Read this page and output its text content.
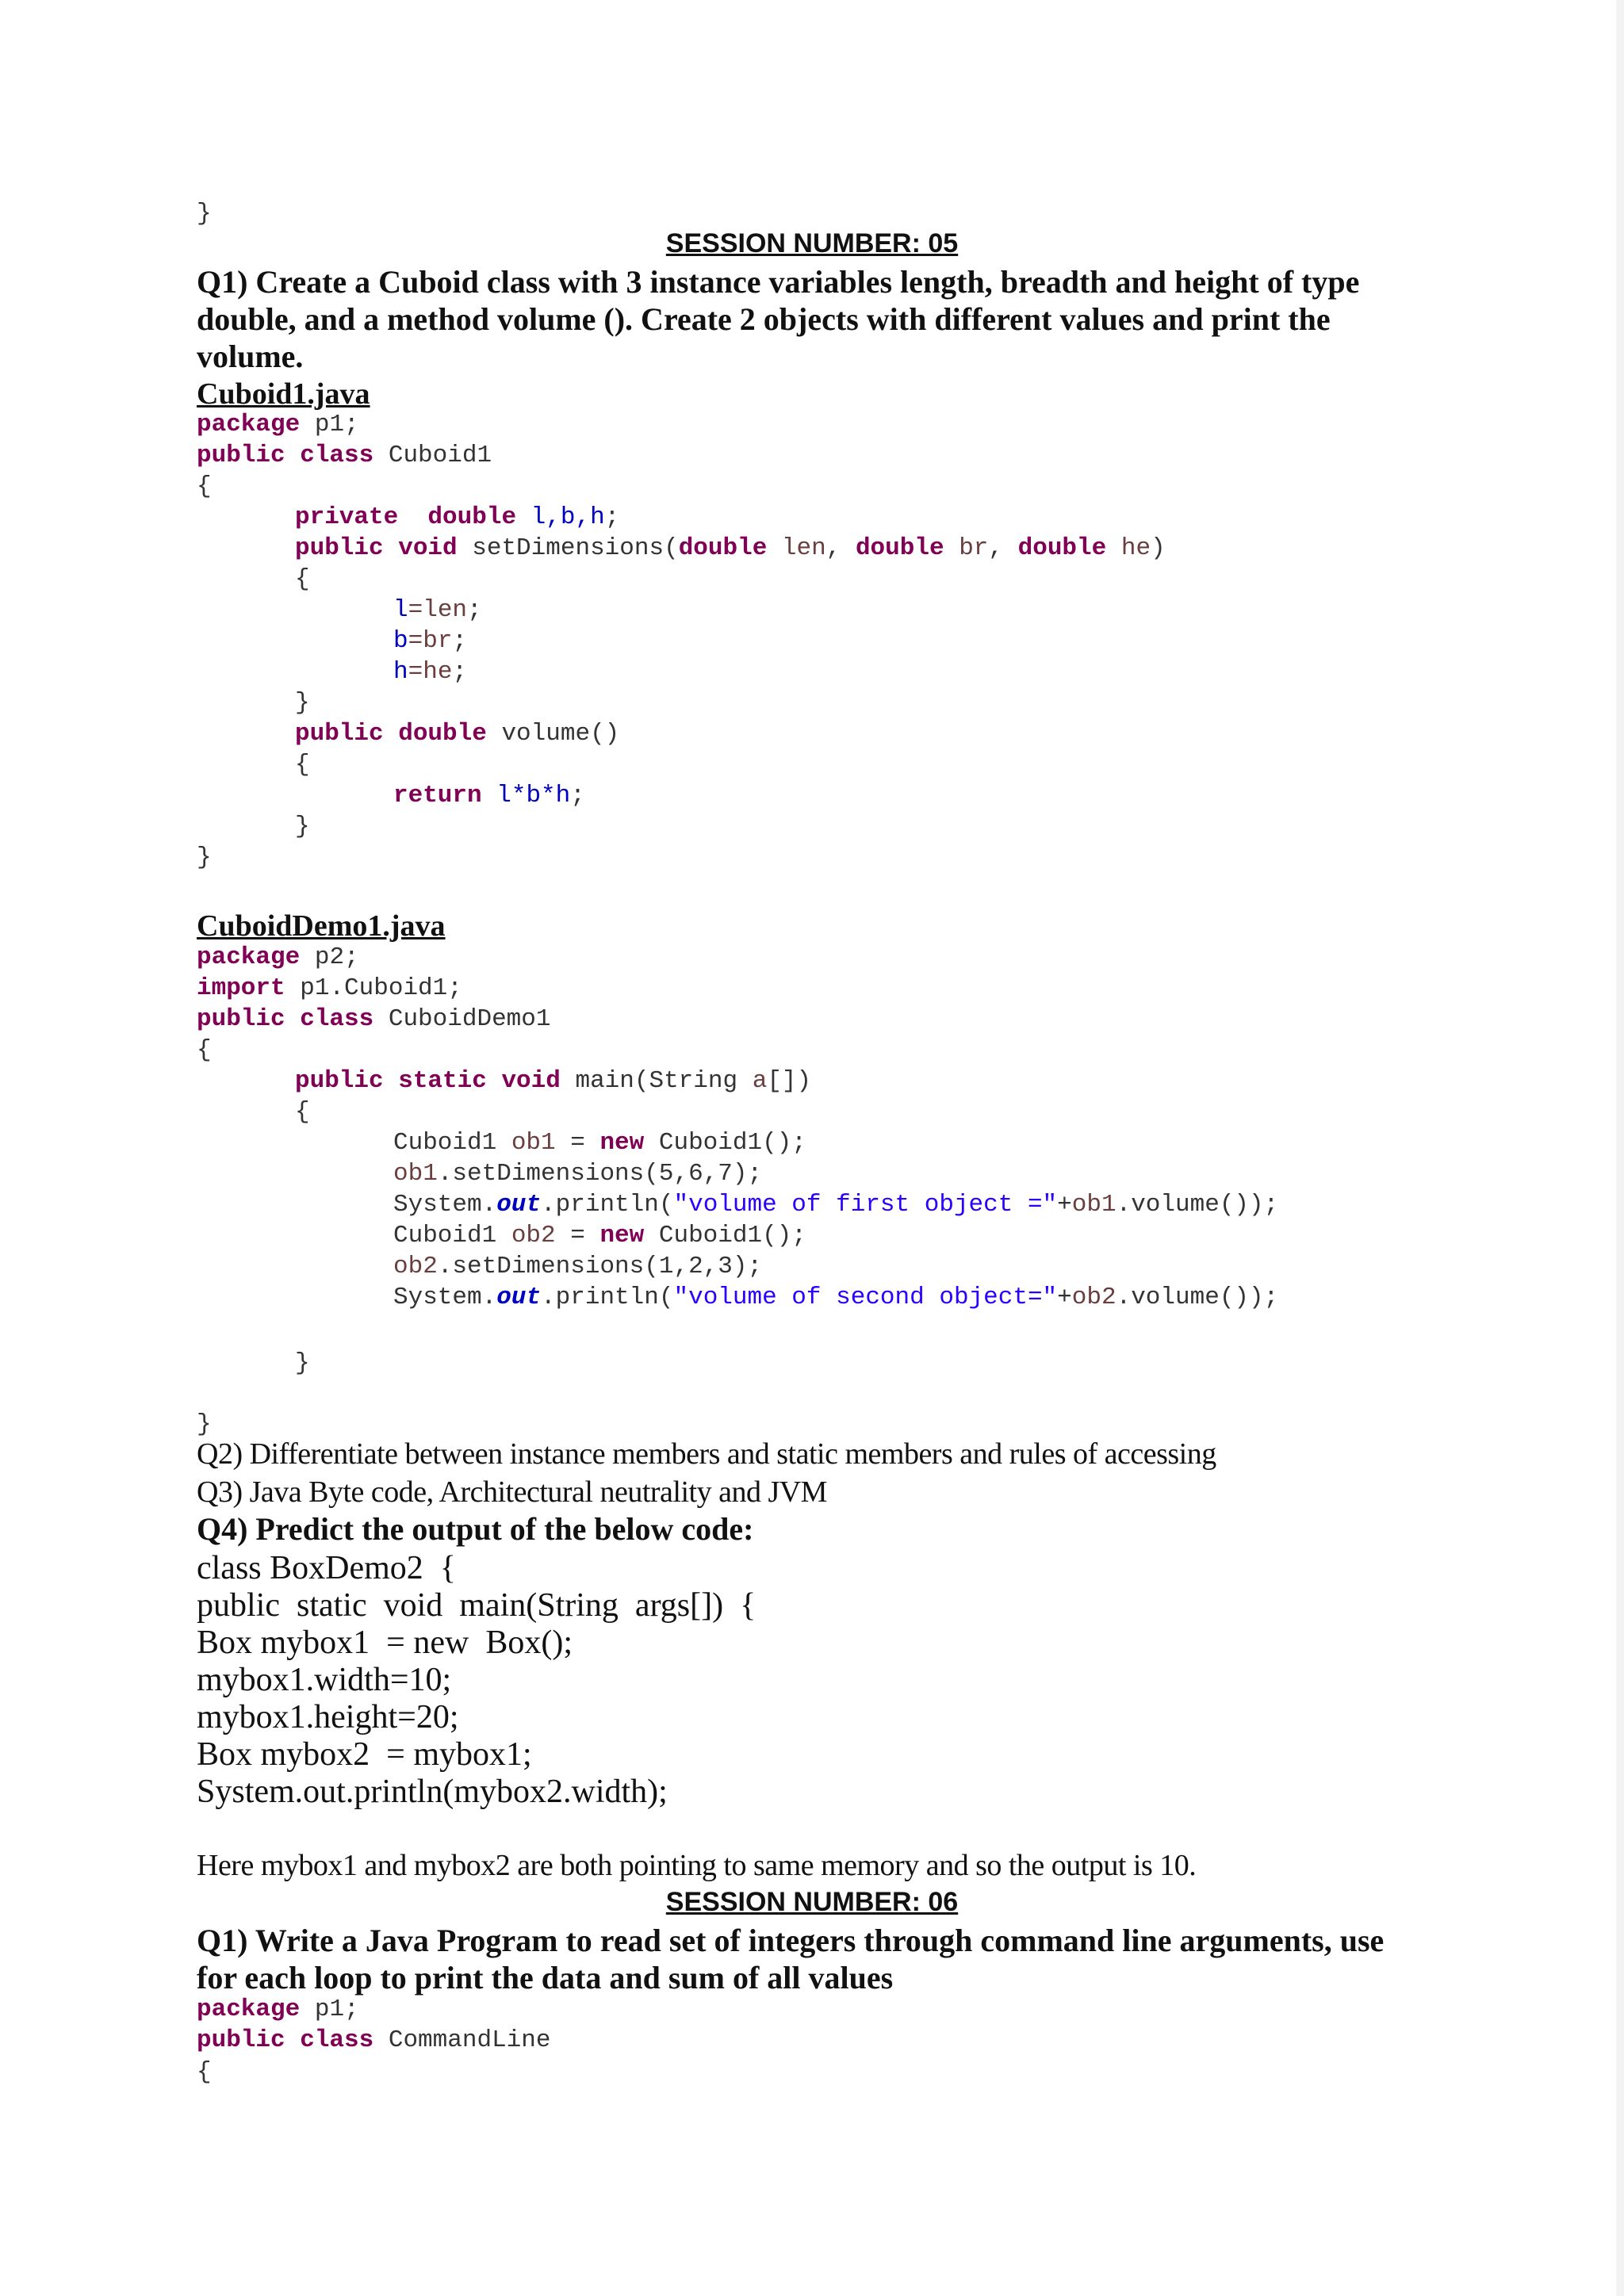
}
SESSION NUMBER: 05
Q1) Create a Cuboid class with 3 instance variables length, breadth and height of type
double, and a method volume (). Create 2 objects with different values and print the
volume.
Cuboid1.java
package p1;
public class Cuboid1
{
private  double l,b,h;
public void setDimensions(double len, double br, double he)
{
l=len;
b=br;
h=he;
}
public double volume()
{
return l*b*h;
}
}
CuboidDemo1.java
package p2;
import p1.Cuboid1;
public class CuboidDemo1
{
public static void main(String a[])
{
Cuboid1 ob1 = new Cuboid1();
ob1.setDimensions(5,6,7);
System.out.println("volume of first object ="+ob1.volume());
Cuboid1 ob2 = new Cuboid1();
ob2.setDimensions(1,2,3);
System.out.println("volume of second object="+ob2.volume());
}
}
Q2) Differentiate between instance members and static members and rules of accessing
Q3) Java Byte code, Architectural neutrality and JVM
Q4) Predict the output of the below code:
class BoxDemo2  {
public  static  void  main(String  args[])  {
Box mybox1  = new  Box();
mybox1.width=10;
mybox1.height=20;
Box mybox2  = mybox1;
System.out.println(mybox2.width);
Here mybox1 and mybox2 are both pointing to same memory and so the output is 10.
SESSION NUMBER: 06
Q1) Write a Java Program to read set of integers through command line arguments, use
for each loop to print the data and sum of all values
package p1;
public class CommandLine
{
